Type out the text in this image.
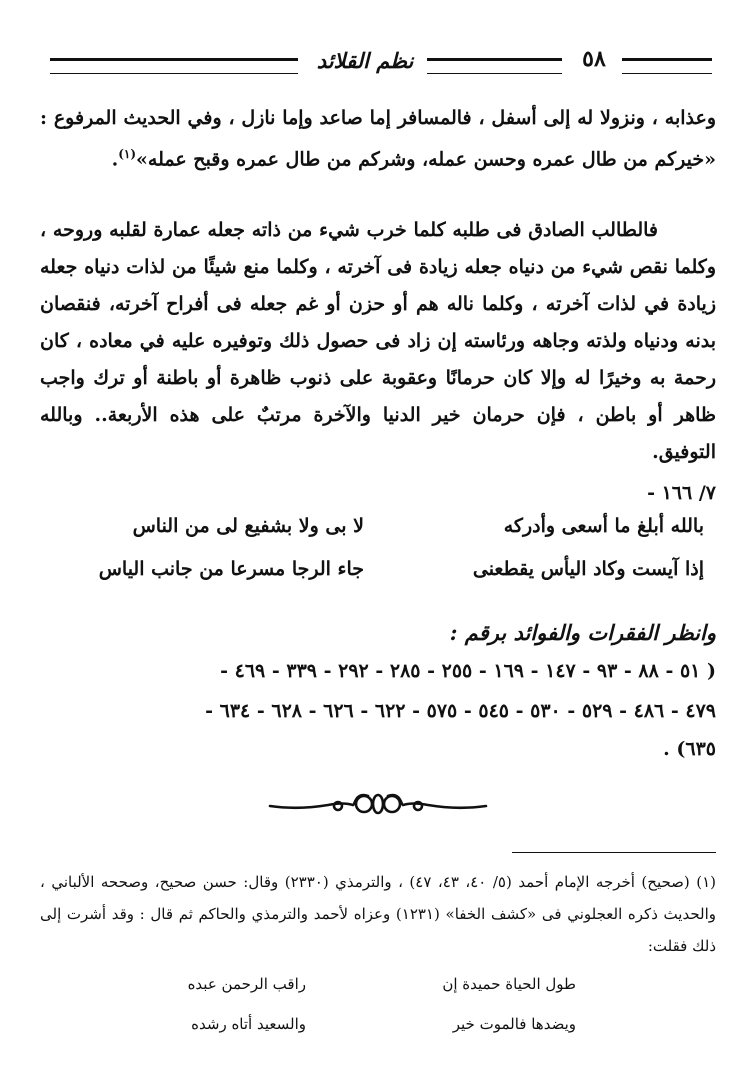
نظم القلائد	٥٨
وعذابه ، ونزولا له إلى أسفل ، فالمسافر إما صاعد وإما نازل ، وفي الحديث المرفوع : «خيركم من طال عمره وحسن عمله، وشركم من طال عمره وقبح عمله»$^{(١)}$.
فالطالب الصادق فى طلبه كلما خرب شيء من ذاته جعله عمارة لقلبه وروحه ، وكلما نقص شيء من دنياه جعله زيادة فى آخرته ، وكلما منع شيئًا من لذات دنياه جعله زيادة في لذات آخرته ، وكلما ناله هم أو حزن أو غم جعله فى أفراح آخرته، فنقصان بدنه ودنياه ولذته وجاهه ورئاسته إن زاد فى حصول ذلك وتوفيره عليه في معاده ، كان رحمة به وخيرًا له وإلا كان حرمانًا وعقوبة على ذنوب ظاهرة أو باطنة أو ترك واجب ظاهر أو باطن ، فإن حرمان خير الدنيا والآخرة مرتبٌ على هذه الأربعة.. وبالله التوفيق.
٧/ ١٦٦ -
بالله أبلغ ما أسعى وأدركه
لا بى ولا بشفيع لى من الناس
إذا آيست وكاد اليأس يقطعنى
جاء الرجا مسرعا من جانب الياس
وانظر الفقرات والفوائد برقم :
( ٥١ - ٨٨ - ٩٣ - ١٤٧ - ١٦٩ - ٢٥٥ - ٢٨٥ - ٢٩٢ - ٣٣٩ - ٤٦٩ -
٤٧٩ - ٤٨٦ - ٥٢٩ - ٥٣٠ - ٥٤٥ - ٥٧٥ - ٦٢٢ - ٦٢٦ - ٦٢٨ - ٦٣٤ -
٦٣٥) .
(١) (صحيح) أخرجه الإمام أحمد (٥/ ٤٠، ٤٣، ٤٧) ، والترمذي (٢٣٣٠) وقال: حسن صحيح، وصححه الألباني ، والحديث ذكره العجلوني فى «كشف الخفا» (١٢٣١) وعزاه لأحمد والترمذي والحاكم ثم قال : وقد أشرت إلى ذلك فقلت:
طول الحياة حميدة إن
راقب الرحمن عبده
ويضدها فالموت خير
والسعيد أتاه رشده
